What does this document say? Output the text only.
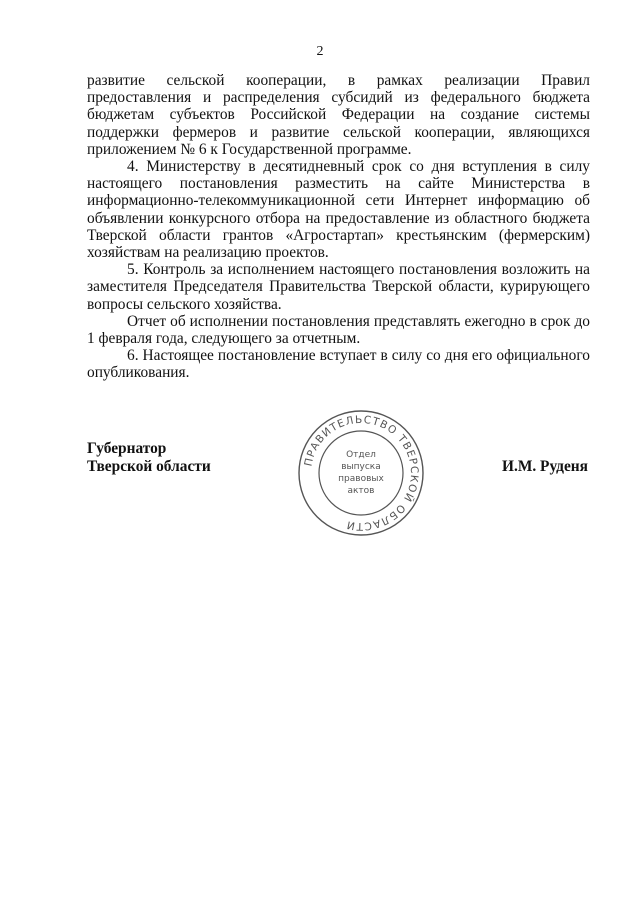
2

развитие сельской кооперации, в рамках реализации Правил предоставления и распределения субсидий из федерального бюджета бюджетам субъектов Российской Федерации на создание системы поддержки фермеров и развитие сельской кооперации, являющихся приложением № 6 к Государственной программе.

4. Министерству в десятидневный срок со дня вступления в силу настоящего постановления разместить на сайте Министерства в информационно-телекоммуникационной сети Интернет информацию об объявлении конкурсного отбора на предоставление из областного бюджета Тверской области грантов «Агростартап» крестьянским (фермерским) хозяйствам на реализацию проектов.

5. Контроль за исполнением настоящего постановления возложить на заместителя Председателя Правительства Тверской области, курирующего вопросы сельского хозяйства.

Отчет об исполнении постановления представлять ежегодно в срок до 1 февраля года, следующего за отчетным.

6. Настоящее постановление вступает в силу со дня его официального опубликования.

Губернатор
Тверской области	И.М. Руденя
ПРАВИТЕЛЬСТВО ТВЕРСКОЙ ОБЛАСТИ
Отдел
выпуска
правовых
актов
